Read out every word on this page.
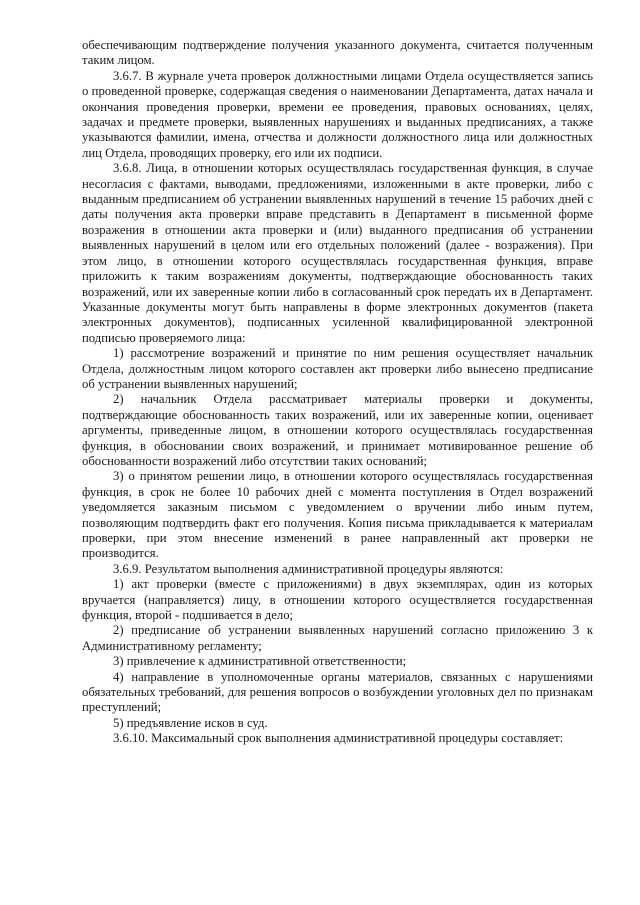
обеспечивающим подтверждение получения указанного документа, считается полученным таким лицом.

3.6.7. В журнале учета проверок должностными лицами Отдела осуществляется запись о проведенной проверке, содержащая сведения о наименовании Департамента, датах начала и окончания проведения проверки, времени ее проведения, правовых основаниях, целях, задачах и предмете проверки, выявленных нарушениях и выданных предписаниях, а также указываются фамилии, имена, отчества и должности должностного лица или должностных лиц Отдела, проводящих проверку, его или их подписи.

3.6.8. Лица, в отношении которых осуществлялась государственная функция, в случае несогласия с фактами, выводами, предложениями, изложенными в акте проверки, либо с выданным предписанием об устранении выявленных нарушений в течение 15 рабочих дней с даты получения акта проверки вправе представить в Департамент в письменной форме возражения в отношении акта проверки и (или) выданного предписания об устранении выявленных нарушений в целом или его отдельных положений (далее - возражения). При этом лицо, в отношении которого осуществлялась государственная функция, вправе приложить к таким возражениям документы, подтверждающие обоснованность таких возражений, или их заверенные копии либо в согласованный срок передать их в Департамент. Указанные документы могут быть направлены в форме электронных документов (пакета электронных документов), подписанных усиленной квалифицированной электронной подписью проверяемого лица:

1) рассмотрение возражений и принятие по ним решения осуществляет начальник Отдела, должностным лицом которого составлен акт проверки либо вынесено предписание об устранении выявленных нарушений;

2) начальник Отдела рассматривает материалы проверки и документы, подтверждающие обоснованность таких возражений, или их заверенные копии, оценивает аргументы, приведенные лицом, в отношении которого осуществлялась государственная функция, в обосновании своих возражений, и принимает мотивированное решение об обоснованности возражений либо отсутствии таких оснований;

3) о принятом решении лицо, в отношении которого осуществлялась государственная функция, в срок не более 10 рабочих дней с момента поступления в Отдел возражений уведомляется заказным письмом с уведомлением о вручении либо иным путем, позволяющим подтвердить факт его получения. Копия письма прикладывается к материалам проверки, при этом внесение изменений в ранее направленный акт проверки не производится.

3.6.9. Результатом выполнения административной процедуры являются:

1) акт проверки (вместе с приложениями) в двух экземплярах, один из которых вручается (направляется) лицу, в отношении которого осуществляется государственная функция, второй - подшивается в дело;

2) предписание об устранении выявленных нарушений согласно приложению 3 к Административному регламенту;

3) привлечение к административной ответственности;

4) направление в уполномоченные органы материалов, связанных с нарушениями обязательных требований, для решения вопросов о возбуждении уголовных дел по признакам преступлений;

5) предъявление исков в суд.

3.6.10. Максимальный срок выполнения административной процедуры составляет:
